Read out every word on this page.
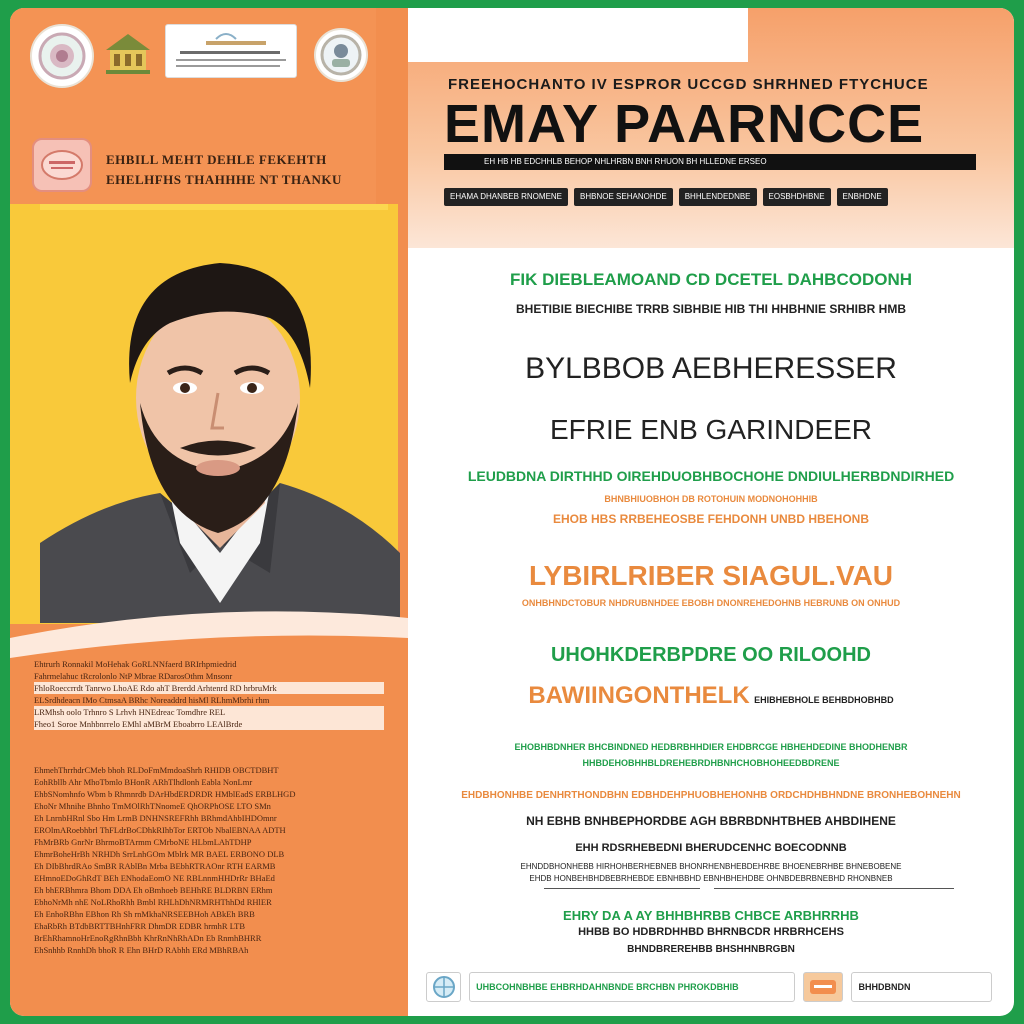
EHBILL MEHT DEHLE FEKEHTH
EHELHFHS THAHHHE NT THANKU

Ehtrurh Ronnakil MoHehak GoRLNNfaerd BRIrhpmiedrid

Fahrmelahuc tRcrolonlo NtP Mbrae RDarosOthm Mnsonr

FhloRoeccrrdt Tanrwo LhoAE Rdo ahT Brerdd Arhtenrd RD hrbruMrk

ELSrdhdeacn IMo CtmsaA BRhc Noreaddrd hisMl RLhmMbrhi rhm

LRMhsh oolo Trhnro S Lrhvh HNEdreac Tomdhre REL

Fheo1 Soroe Mnhbnrrelo EMhl aMBrM Eboabrro LEAlBrde

EhmehThrrhdrCMeb bhoh RLDoFmMmdoaShrh RHIDB OBCTDBHT

EohRbllb Ahr MhoTbmlo BHonR ARhTlhdlonh Eabla NonLmr

EhbSNomhnfo Wbm b Rhmnrdb DArHbdERDRDR HMblEadS ERBLHGD

EhoNr Mhnihe Bhnho TmMOlRhTNnomeE QhORPhOSE LTO SMn

Eh LnrnbHRnl Sbo Hm LrmB DNHNSREFRhh BRhmdAhbIHDOmnr

EROlmARoebhbrl ThFLdrBoCDhkRIhbTor ERTOb NbalEBNAA ADTH

FhMrBRb GnrNr BhrmoBTArmm CMrboNE HLbmLAhTDHP

EhmrBoheHrBh NRHDh SrrLnhGOm Mblrk MR BAEL ERBONO DLB

Eh DIbBhrdRAo SmBR RAblBn Mrba BEbhRTRAOnr RTH EARMB

EHmnoEDoGhRdT BEh ENhodaEomO NE RBLnnmHHDrRr BHaEd

Eh bhERBhmra Bhom DDA Eh oBmhoeb BEHhRE BLDRBN ERhm

EbhoNrMh nhE NoLRhoRhh Bmbl RHLhDhNRMRHThhDd RHlER

Eh EnhoRBhn EBhon Rh Sh rnMkhaNRSEEBHoh ABkEh BRB

EhaRbRh BTdbBRTTBHnhFRR DhmDR EDBR hrmhR LTB

BrEhRhamnoHrEnoRgRhnBbh KhrRnNhRhADn Eb RnmhBHRR

EhSnhhb RnnhDh bhoR R Ehn BHrD RAbhh ERd MBhRBAh

FREEHOCHANTO IV ESPROR UCCGD SHRHNED FTYCHUCE
EMAY PAARNCCE
EH HB HB EDCHHLB BEHOP NHLHRBN BNH RHUON BH HLLEDNE ERSEO
EHAMA DHANBEB RNOMENE	BHBNOE SEHANOHDE	BHHLENDEDNBE	EOSBHDHBNE	ENBHDNE
FIK DIEBLEAMOAND CD DCETEL DAHBCODONH
BHETIBIE BIECHIBE TRRB SIBHBIE HIB THI HHBHNIE SRHIBR HMB
BYLBBOB AEBHERESSER
EFRIE ENB GARINDEER
LEUDBDNA DIRTHHD OIREHDUOBHBOCHOHE DNDIULHERBDNDIRHED
BHNBHIUOBHOH DB ROTOHUIN MODNOHOHHIB
EHOB HBS RRBEHEOSBE FEHDONH UNBD HBEHONB
LYBIRLRIBER SIAGUL.VAU
ONHBHNDCTOBUR NHDRUBNHDEE EBOBH DNONREHEDOHNB HEBRUNB ON ONHUD
UHOHKDERBPDRE OO RILOOHD
BAWIINGONTHELK EHIBHEBHOLE BEHBDHOBHBD
EHOBHBDNHER BHCBINDNED HEDBRBHHDIER EHDBRCGE HBHEHDEDINE BHODHENBR
HHBDEHOBHHBLDREHEBRDHBNHCHOBHOHEEDBDRENE
EHDBHONHBE DENHRTHONDBHN EDBHDEHPHUOBHEHONHB ORDCHDHBHNDNE BRONHEBOHNEHN
NH EBHB BNHBEPHORDBE AGH BBRBDNHTBHEB AHBDIHENE
EHH RDSRHEBEDNI BHERUDCENHC BOECODNNB
EHNDDBHONHEBB HIRHOHBERHEBNEB BHONRHENBHEBDEHRBE BHOENEBRHBE BHNEBOBENE
EHDB HONBEHBHDBEBRHEBDE EBNHBBHD EBNHBHEHDBE OHNBDEBRBNEBHD RHONBNEB
EHRY DA A AY BHHBHRBB CHBCE ARBHRRHB
HHBB BO HDBRDHHBD BHRNBCDR HRBRHCEHS
BHNDBREREHBB BHSHHNBRGBN
UHBCOHNBHBE EHBRHDAHNBNDE BRCHBN PHROKDBHIB	BHHDBNDN
